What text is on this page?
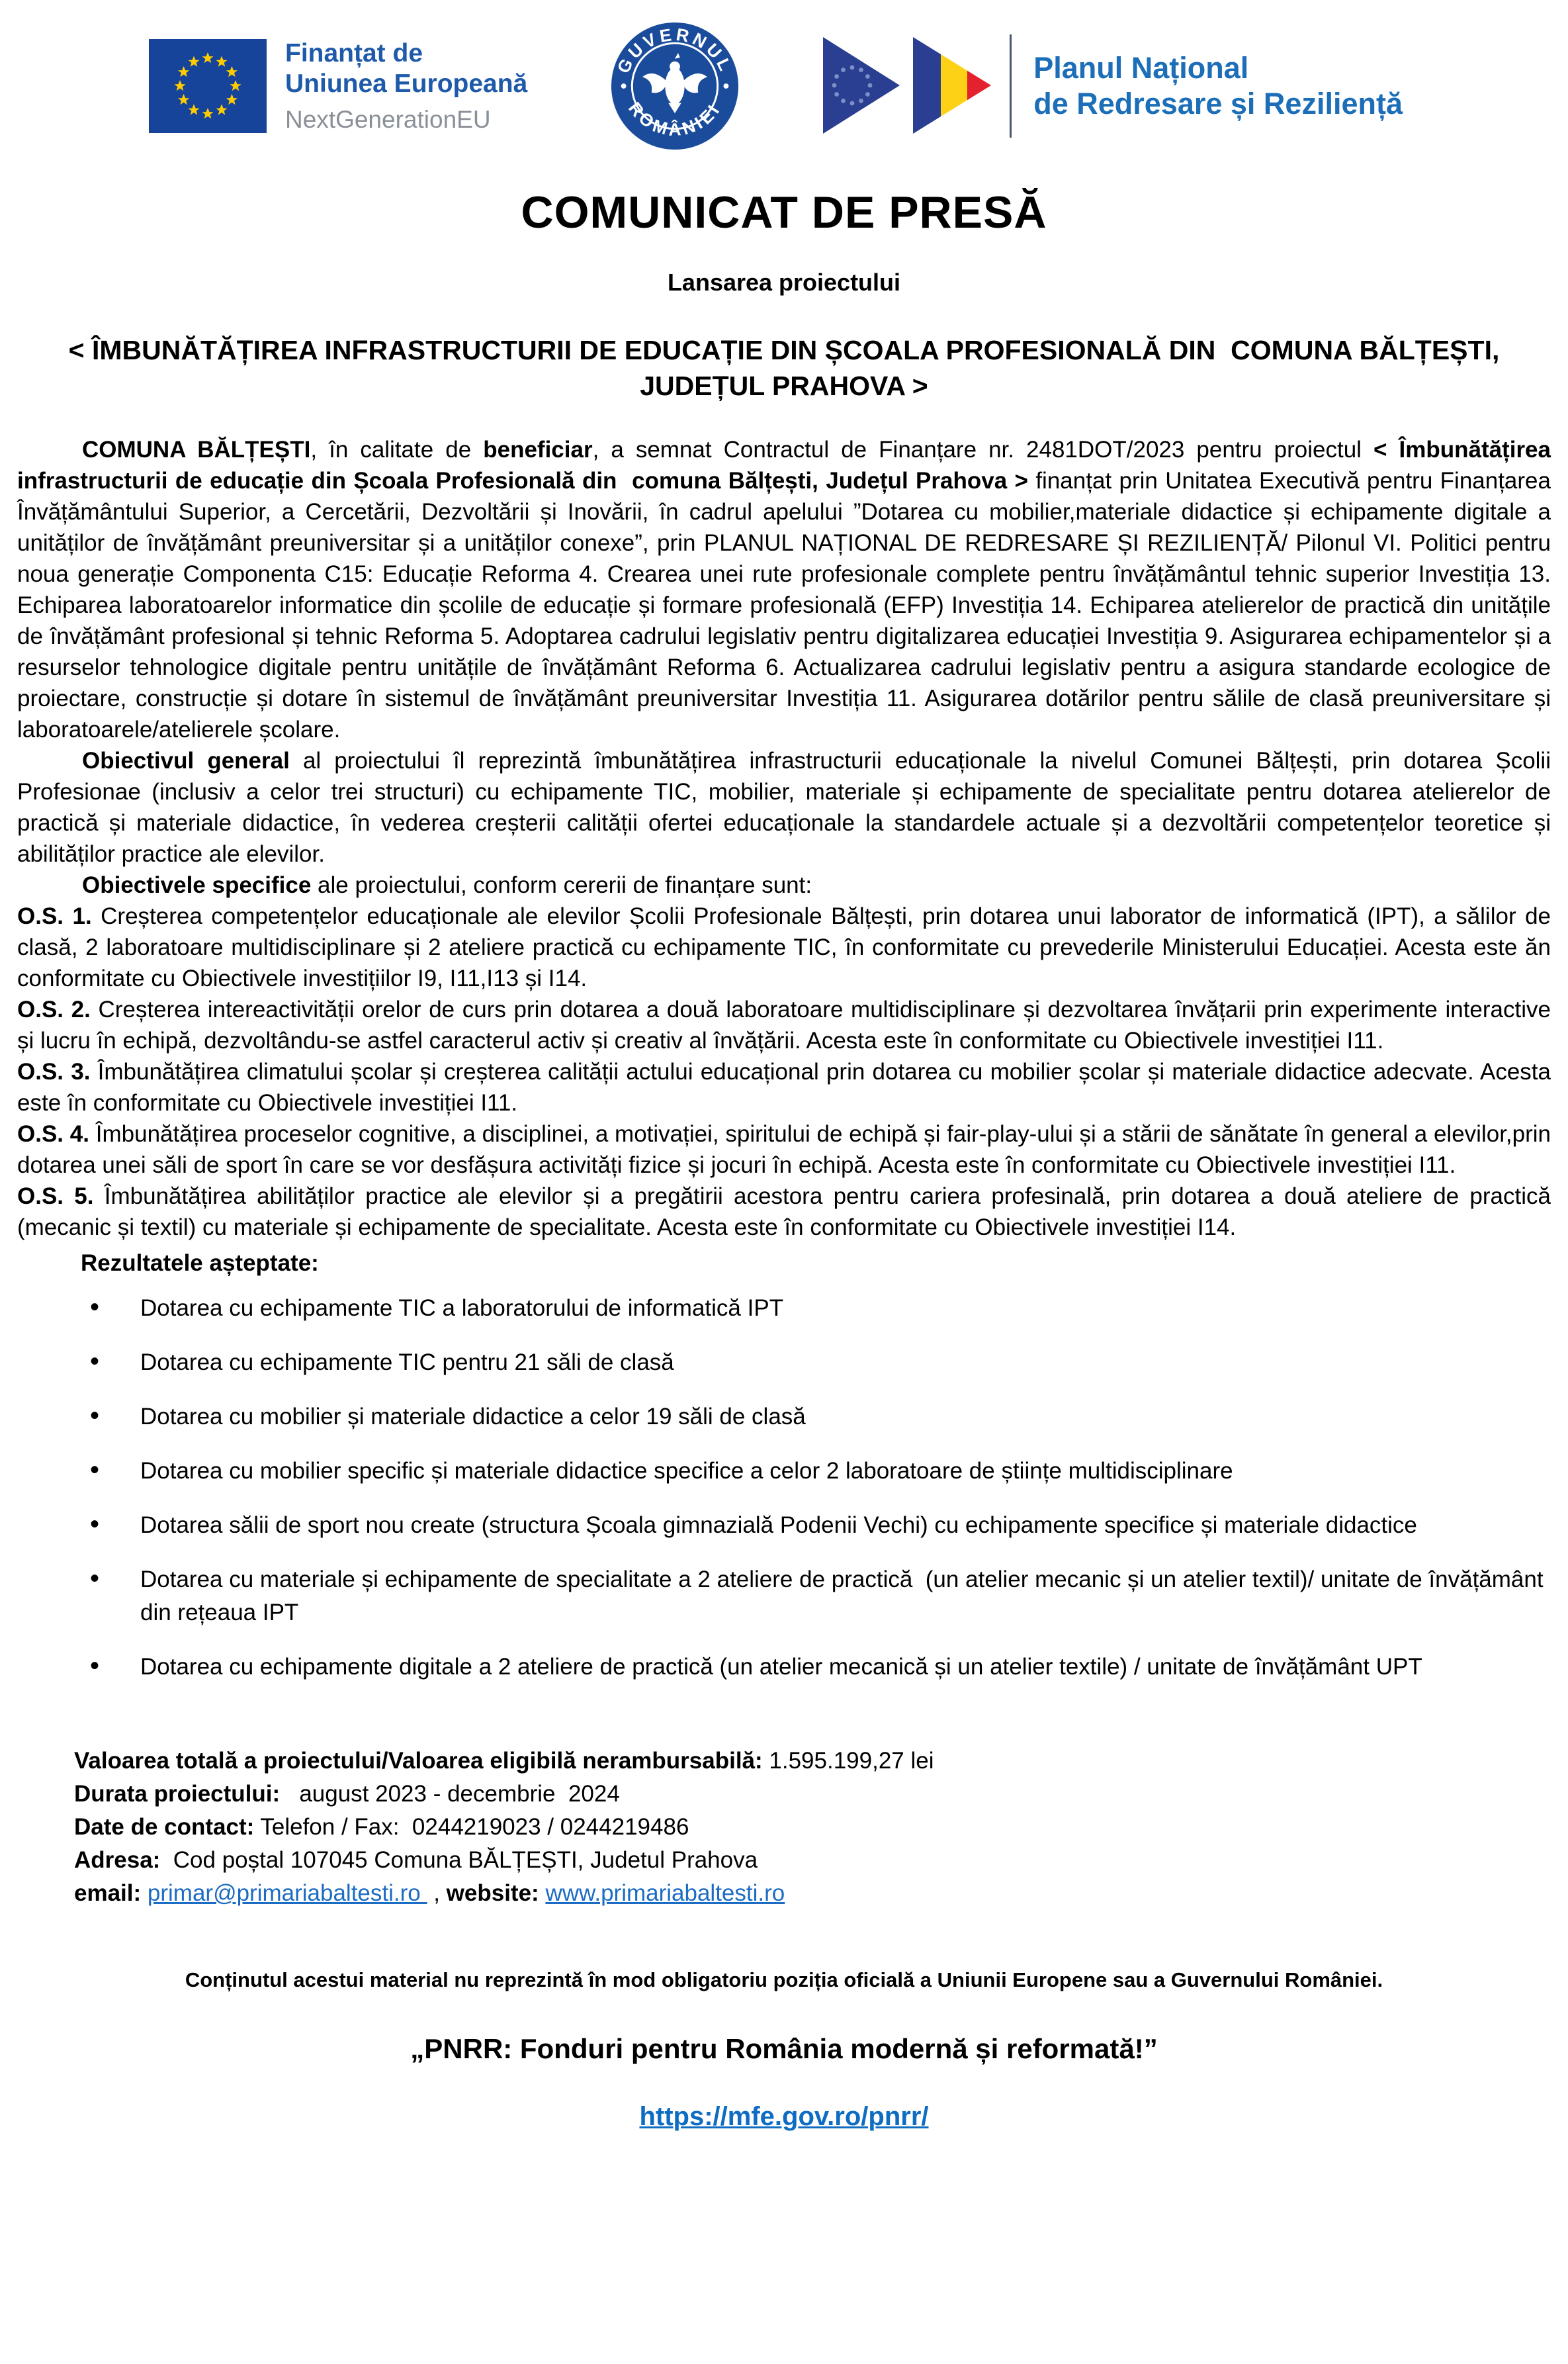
Finanțat de
Uniunea Europeană
NextGenerationEU
GUVERNUL
ROMÂNIEI
Planul Național
de Redresare și Reziliență
COMUNICAT DE PRESĂ
Lansarea proiectului
< ÎMBUNĂTĂȚIREA INFRASTRUCTURII DE EDUCAȚIE DIN ȘCOALA PROFESIONALĂ DIN  COMUNA BĂLȚEȘTI, JUDEȚUL PRAHOVA >

COMUNA BĂLȚEȘTI, în calitate de beneficiar, a semnat Contractul de Finanțare nr. 2481DOT/2023 pentru proiectul < Îmbunătățirea infrastructurii de educație din Școala Profesională din  comuna Bălțești, Județul Prahova > finanțat prin Unitatea Executivă pentru Finanțarea Învățământului Superior, a Cercetării, Dezvoltării și Inovării, în cadrul apelului ”Dotarea cu mobilier,materiale didactice și echipamente digitale a unităților de învățământ preuniversitar și a unităților conexe”, prin PLANUL NAȚIONAL DE REDRESARE ȘI REZILIENȚĂ/ Pilonul VI. Politici pentru noua generație Componenta C15: Educație Reforma 4. Crearea unei rute profesionale complete pentru învățământul tehnic superior Investiția 13. Echiparea laboratoarelor informatice din școlile de educație și formare profesională (EFP) Investiția 14. Echiparea atelierelor de practică din unitățile de învățământ profesional și tehnic Reforma 5. Adoptarea cadrului legislativ pentru digitalizarea educației Investiția 9. Asigurarea echipamentelor și a resurselor tehnologice digitale pentru unitățile de învățământ Reforma 6. Actualizarea cadrului legislativ pentru a asigura standarde ecologice de proiectare, construcție și dotare în sistemul de învățământ preuniversitar Investiția 11. Asigurarea dotărilor pentru sălile de clasă preuniversitare și laboratoarele/atelierele școlare.

Obiectivul general al proiectului îl reprezintă îmbunătățirea infrastructurii educaționale la nivelul Comunei Bălțești, prin dotarea Școlii Profesionae (inclusiv a celor trei structuri) cu echipamente TIC, mobilier, materiale și echipamente de specialitate pentru dotarea atelierelor de practică și materiale didactice, în vederea creșterii calității ofertei educaționale la standardele actuale și a dezvoltării competențelor teoretice și abilităților practice ale elevilor.

Obiectivele specifice ale proiectului, conform cererii de finanțare sunt:

O.S. 1. Creșterea competențelor educaționale ale elevilor Școlii Profesionale Bălțești, prin dotarea unui laborator de informatică (IPT), a sălilor de clasă, 2 laboratoare multidisciplinare și 2 ateliere practică cu echipamente TIC, în conformitate cu prevederile Ministerului Educației. Acesta este ăn conformitate cu Obiectivele investițiilor I9, I11,I13 și I14.

O.S. 2. Creșterea intereactivității orelor de curs prin dotarea a două laboratoare multidisciplinare și dezvoltarea învățarii prin experimente interactive și lucru în echipă, dezvoltându-se astfel caracterul activ și creativ al învățării. Acesta este în conformitate cu Obiectivele investiției I11.

O.S. 3. Îmbunătățirea climatului școlar și creșterea calității actului educațional prin dotarea cu mobilier școlar și materiale didactice adecvate. Acesta este în conformitate cu Obiectivele investiției I11.

O.S. 4. Îmbunătățirea proceselor cognitive, a disciplinei, a motivației, spiritului de echipă și fair-play-ului și a stării de sănătate în general a elevilor,prin dotarea unei săli de sport în care se vor desfășura activități fizice și jocuri în echipă. Acesta este în conformitate cu Obiectivele investiției I11.

O.S. 5. Îmbunătățirea abilităților practice ale elevilor și a pregătirii acestora pentru cariera profesinală, prin dotarea a două ateliere de practică (mecanic și textil) cu materiale și echipamente de specialitate. Acesta este în conformitate cu Obiectivele investiției I14.

Rezultatele așteptate:
• Dotarea cu echipamente TIC a laboratorului de informatică IPT
• Dotarea cu echipamente TIC pentru 21 săli de clasă
• Dotarea cu mobilier și materiale didactice a celor 19 săli de clasă
• Dotarea cu mobilier specific și materiale didactice specifice a celor 2 laboratoare de științe multidisciplinare
• Dotarea sălii de sport nou create (structura Școala gimnazială Podenii Vechi) cu echipamente specifice și materiale didactice
• Dotarea cu materiale și echipamente de specialitate a 2 ateliere de practică  (un atelier mecanic și un atelier textil)/ unitate de învățământ din rețeaua IPT
• Dotarea cu echipamente digitale a 2 ateliere de practică (un atelier mecanică și un atelier textile) / unitate de învățământ UPT
Valoarea totală a proiectului/Valoarea eligibilă nerambursabilă: 1.595.199,27 lei
Durata proiectului:   august 2023 - decembrie  2024
Date de contact: Telefon / Fax:  0244219023 / 0244219486
Adresa:  Cod poștal 107045 Comuna BĂLȚEȘTI, Judetul Prahova
email: primar@primariabaltesti.ro  , website: www.primariabaltesti.ro
Conținutul acestui material nu reprezintă în mod obligatoriu poziția oficială a Uniunii Europene sau a Guvernului României.
„PNRR: Fonduri pentru România modernă și reformată!”
https://mfe.gov.ro/pnrr/
